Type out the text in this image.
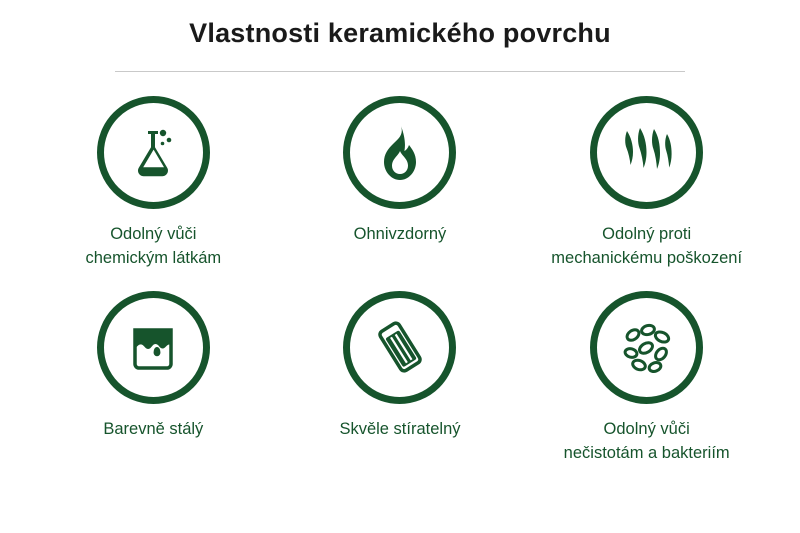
Vlastnosti keramického povrchu
Odolný vůči
chemickým látkám
Ohnivzdorný	Odolný proti
mechanickému poškození
Barevně stálý	Skvěle stíratelný	Odolný vůči
nečistotám a bakteriím
